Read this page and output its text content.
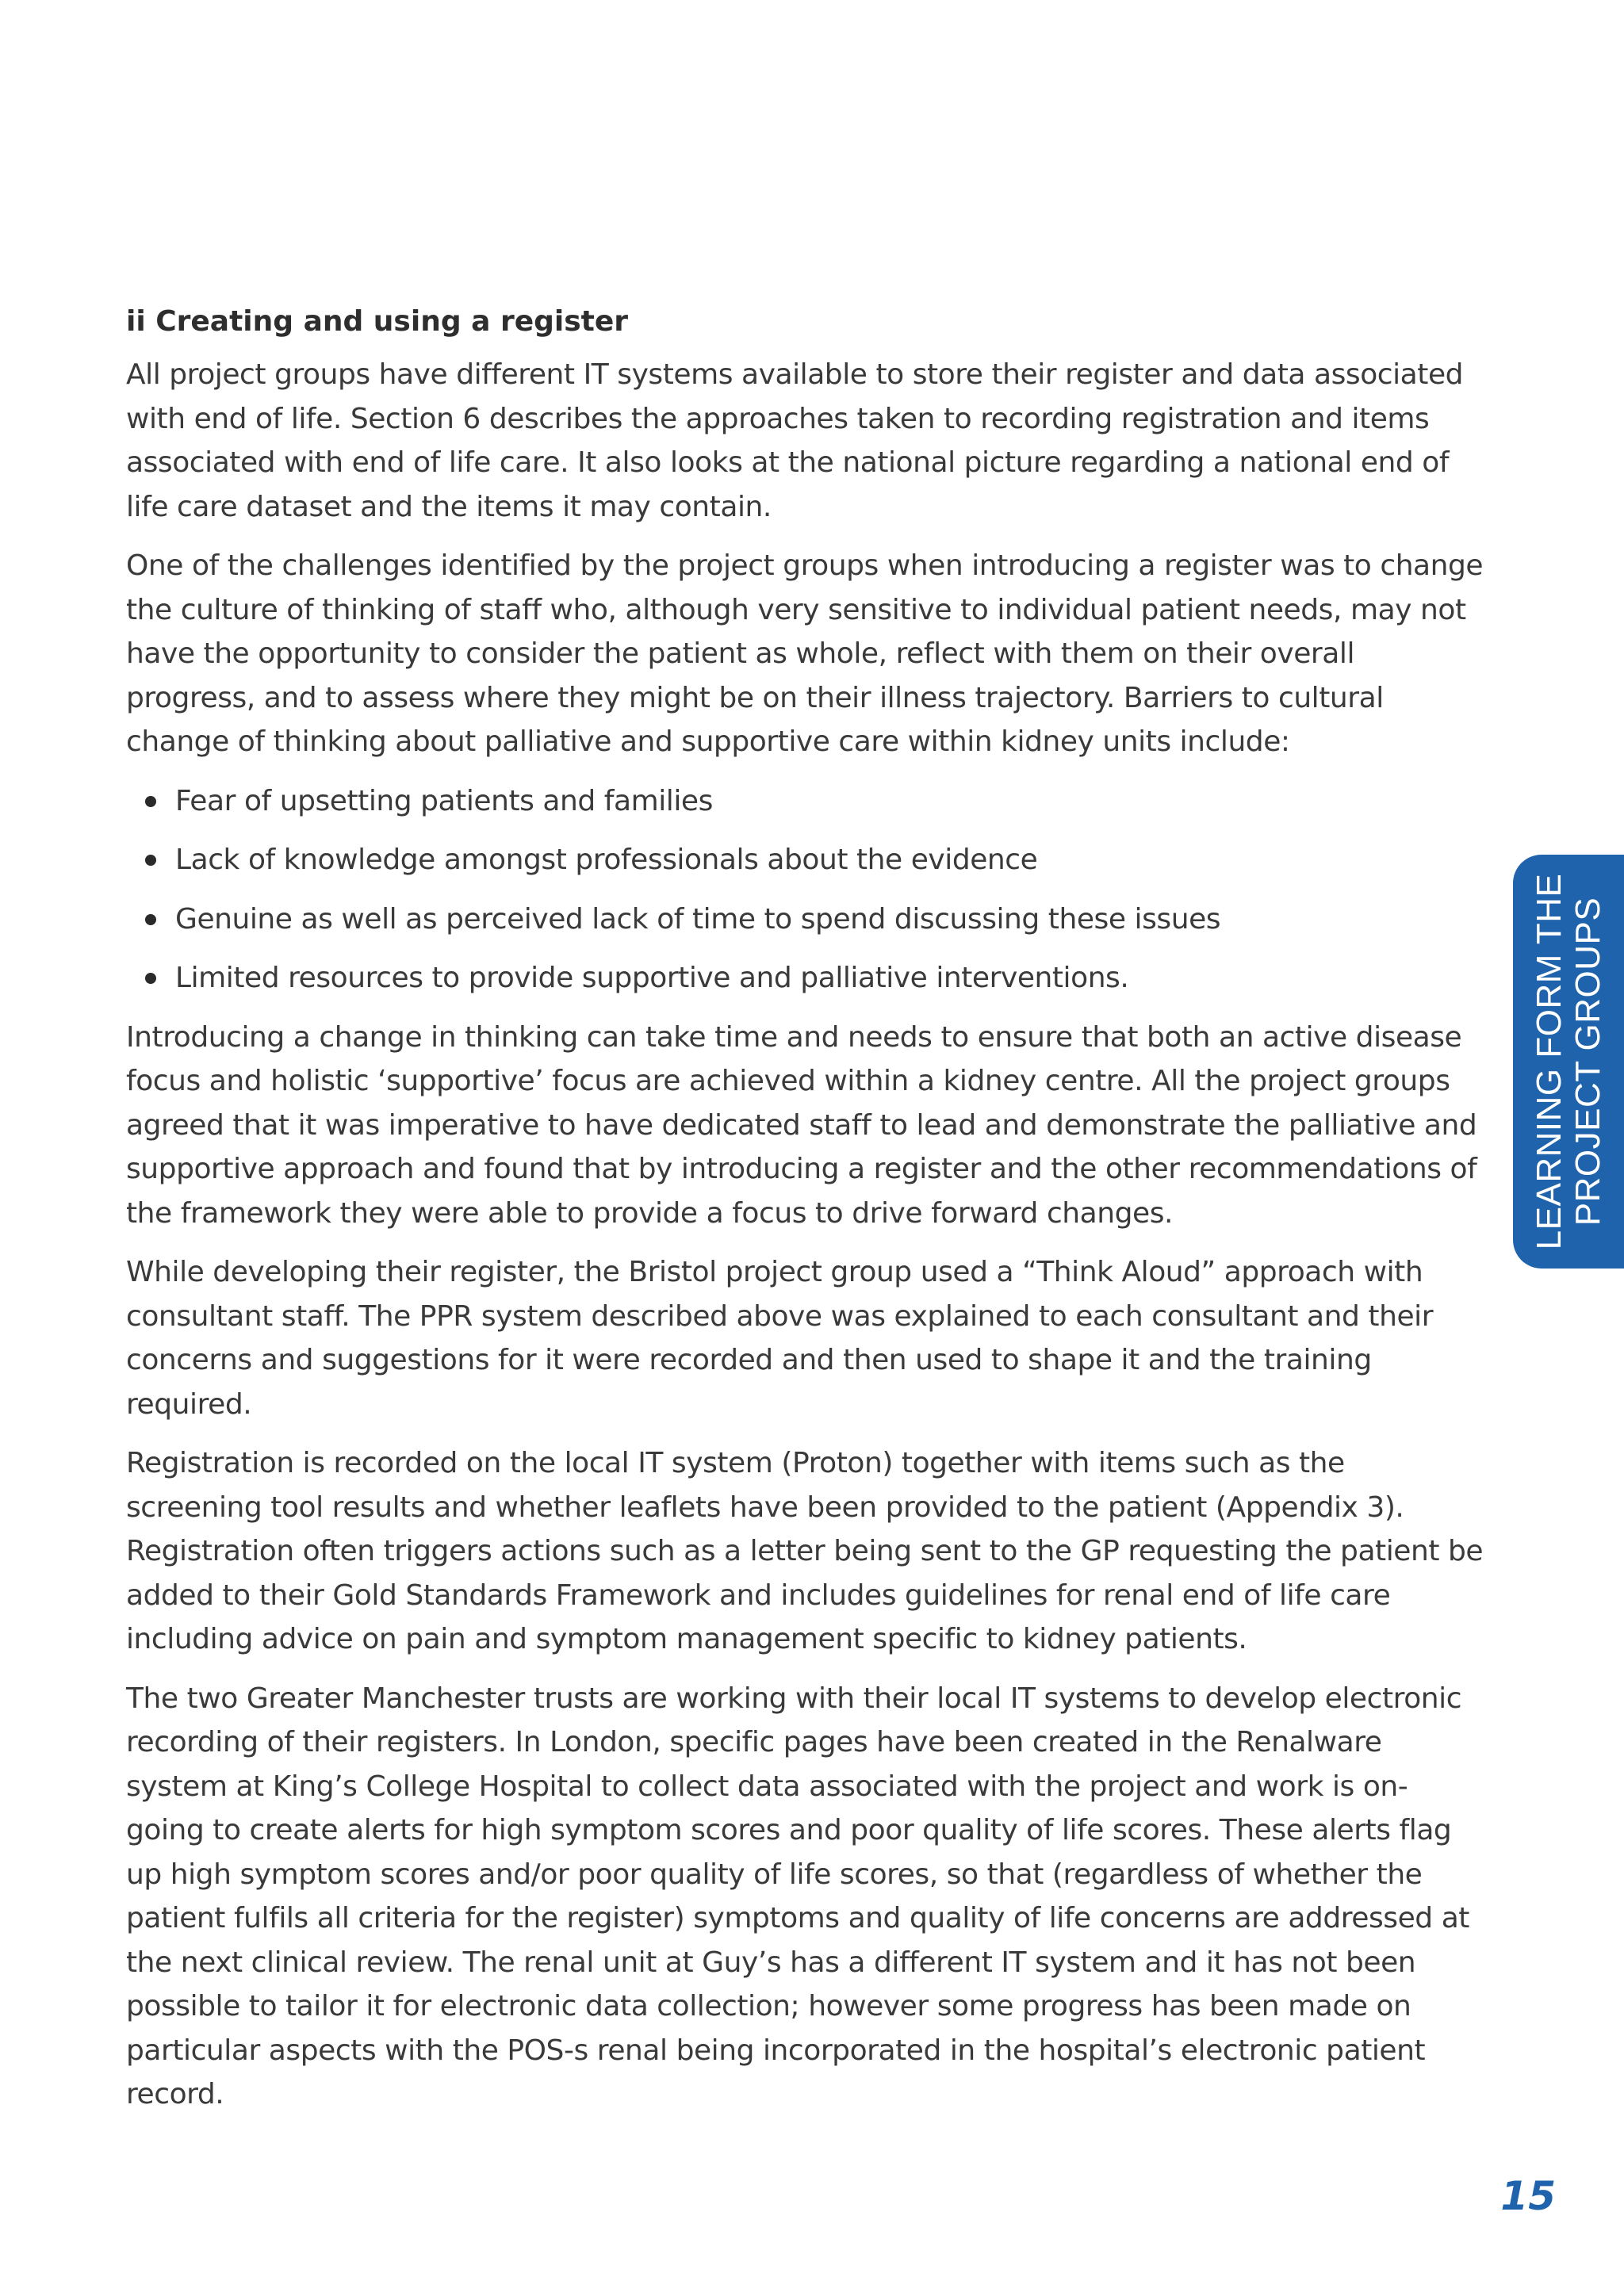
ii Creating and using a register

All project groups have different IT systems available to store their register and data associated with end of life. Section 6 describes the approaches taken to recording registration and items associated with end of life care. It also looks at the national picture regarding a national end of life care dataset and the items it may contain.

One of the challenges identified by the project groups when introducing a register was to change the culture of thinking of staff who, although very sensitive to individual patient needs, may not have the opportunity to consider the patient as whole, reflect with them on their overall progress, and to assess where they might be on their illness trajectory. Barriers to cultural change of thinking about palliative and supportive care within kidney units include:

Fear of upsetting patients and families
Lack of knowledge amongst professionals about the evidence
Genuine as well as perceived lack of time to spend discussing these issues
Limited resources to provide supportive and palliative interventions.

Introducing a change in thinking can take time and needs to ensure that both an active disease focus and holistic ‘supportive’ focus are achieved within a kidney centre. All the project groups agreed that it was imperative to have dedicated staff to lead and demonstrate the palliative and supportive approach and found that by introducing a register and the other recommendations of the framework they were able to provide a focus to drive forward changes.

While developing their register, the Bristol project group used a “Think Aloud” approach with consultant staff. The PPR system described above was explained to each consultant and their concerns and suggestions for it were recorded and then used to shape it and the training required.

Registration is recorded on the local IT system (Proton) together with items such as the screening tool results and whether leaflets have been provided to the patient (Appendix 3). Registration often triggers actions such as a letter being sent to the GP requesting the patient be added to their Gold Standards Framework and includes guidelines for renal end of life care including advice on pain and symptom management specific to kidney patients.

The two Greater Manchester trusts are working with their local IT systems to develop electronic recording of their registers. In London, specific pages have been created in the Renalware system at King’s College Hospital to collect data associated with the project and work is on-going to create alerts for high symptom scores and poor quality of life scores. These alerts flag up high symptom scores and/or poor quality of life scores, so that (regardless of whether the patient fulfils all criteria for the register) symptoms and quality of life concerns are addressed at the next clinical review. The renal unit at Guy’s has a different IT system and it has not been possible to tailor it for electronic data collection; however some progress has been made on particular aspects with the POS-s renal being incorporated in the hospital’s electronic patient record.

LEARNING FORM THE PROJECT GROUPS
15
